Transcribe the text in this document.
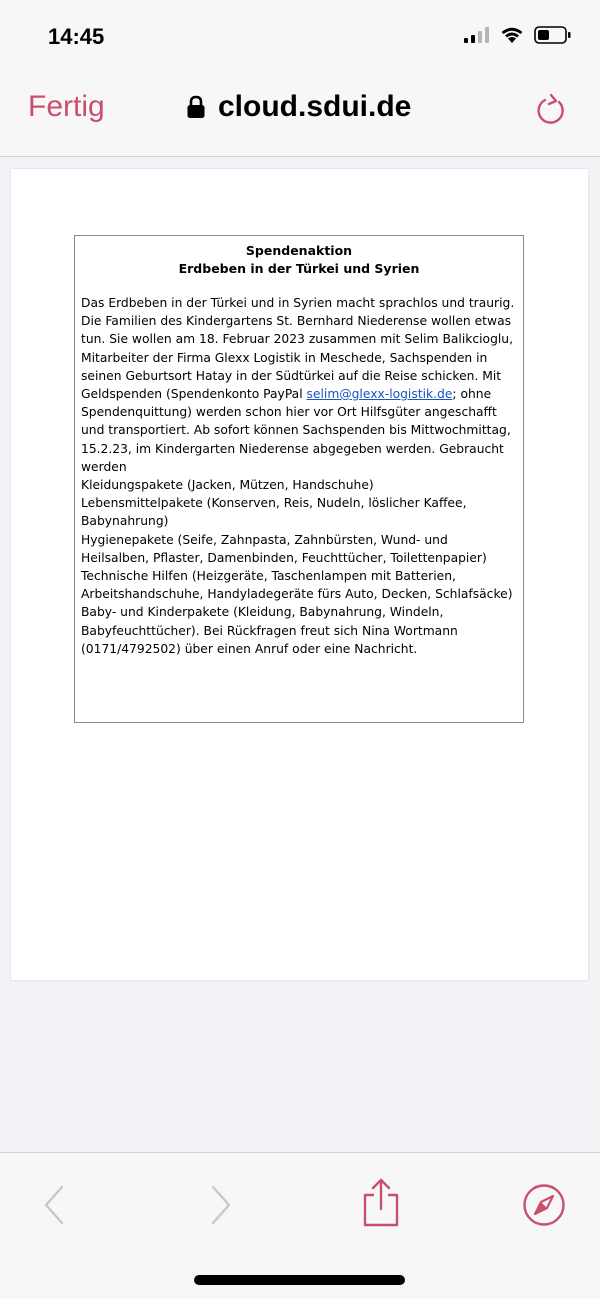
14:45
Fertig	cloud.sdui.de
Spendenaktion
Erdbeben in der Türkei und Syrien

Das Erdbeben in der Türkei und in Syrien macht sprachlos und traurig. Die Familien des Kindergartens St. Bernhard Niederense wollen etwas tun. Sie wollen am 18. Februar 2023 zusammen mit Selim Balikcioglu, Mitarbeiter der Firma Glexx Logistik in Meschede, Sachspenden in seinen Geburtsort Hatay in der Südtürkei auf die Reise schicken. Mit Geldspenden (Spendenkonto PayPal selim@glexx-logistik.de; ohne Spendenquittung) werden schon hier vor Ort Hilfsgüter angeschafft und transportiert. Ab sofort können Sachspenden bis Mittwochmittag, 15.2.23, im Kindergarten Niederense abgegeben werden. Gebraucht werden

Kleidungspakete (Jacken, Mützen, Handschuhe)

Lebensmittelpakete (Konserven, Reis, Nudeln, löslicher Kaffee, Babynahrung)

Hygienepakete (Seife, Zahnpasta, Zahnbürsten, Wund- und Heilsalben, Pflaster, Damenbinden, Feuchttücher, Toilettenpapier)

Technische Hilfen (Heizgeräte, Taschenlampen mit Batterien, Arbeitshandschuhe, Handyladegeräte fürs Auto, Decken, Schlafsäcke)

Baby- und Kinderpakete (Kleidung, Babynahrung, Windeln, Babyfeuchttücher). Bei Rückfragen freut sich Nina Wortmann (0171/4792502) über einen Anruf oder eine Nachricht.
